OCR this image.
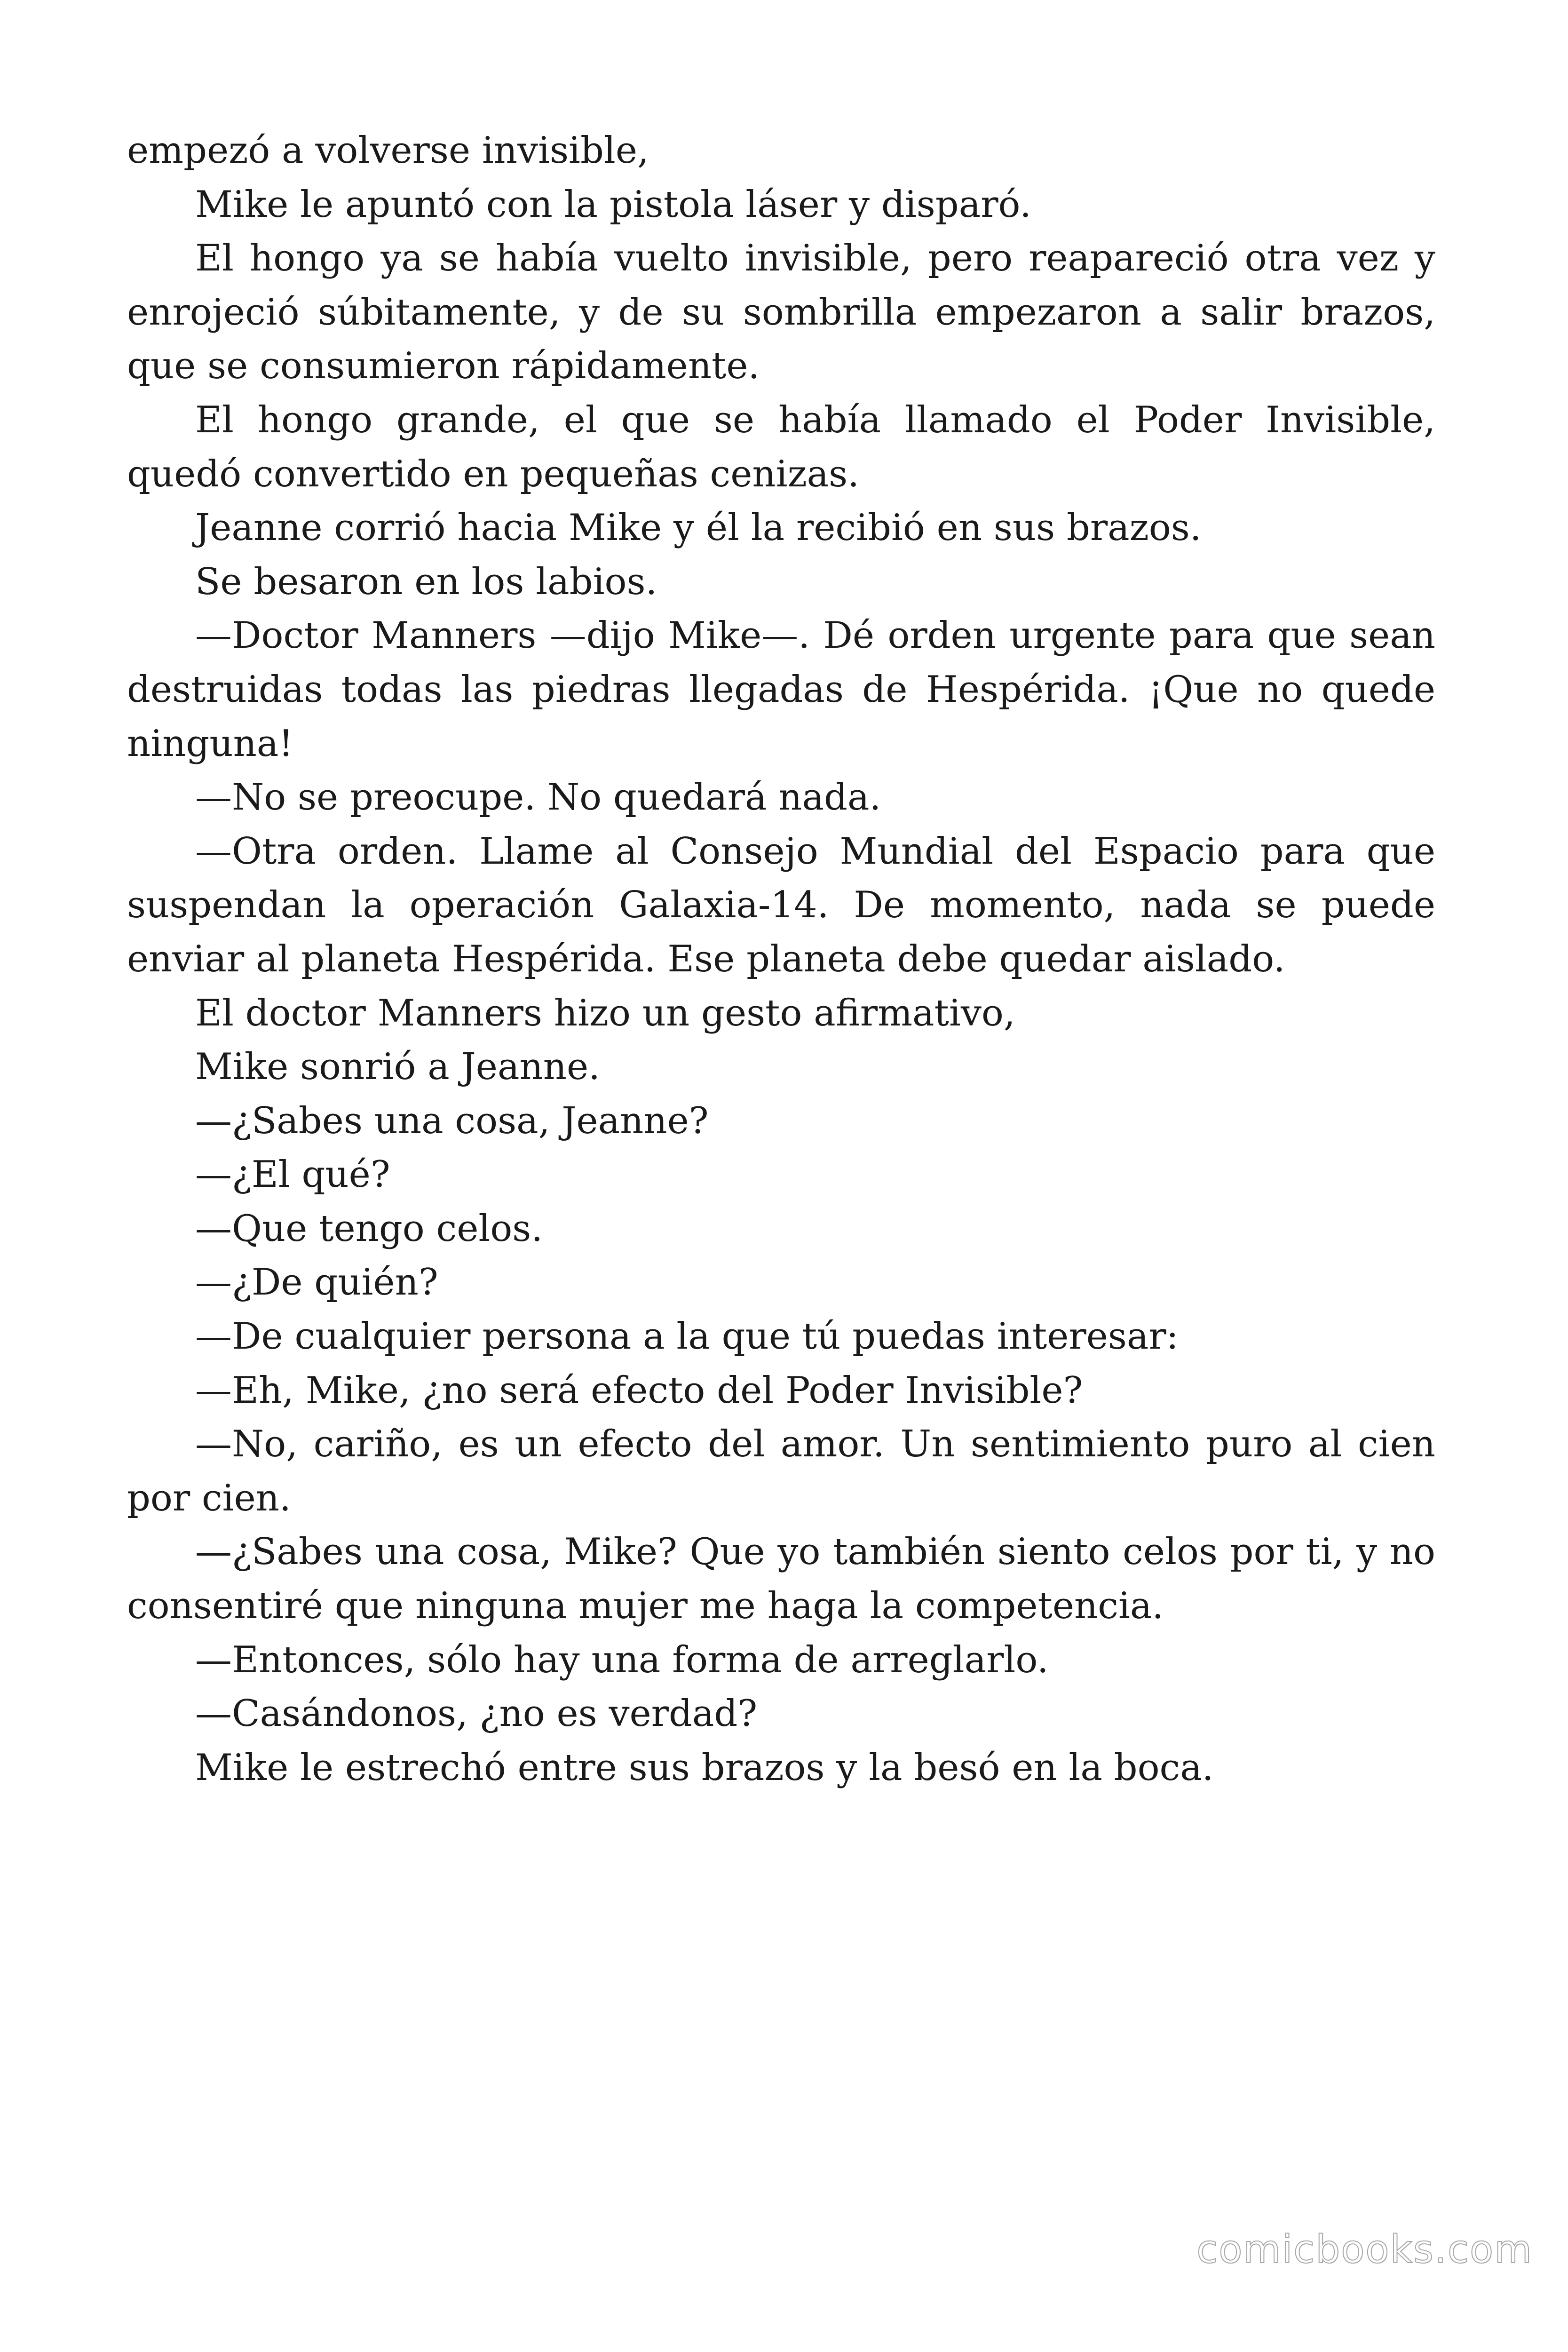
empezó a volverse invisible,

Mike le apuntó con la pistola láser y disparó.

El hongo ya se había vuelto invisible, pero reapareció otra vez y enrojeció súbitamente, y de su sombrilla empezaron a salir brazos, que se consumieron rápidamente.

El hongo grande, el que se había llamado el Poder Invisible, quedó convertido en pequeñas cenizas.

Jeanne corrió hacia Mike y él la recibió en sus brazos.

Se besaron en los labios.

—Doctor Manners —dijo Mike—. Dé orden urgente para que sean destruidas todas las piedras llegadas de Hespérida. ¡Que no quede ninguna!

—No se preocupe. No quedará nada.

—Otra orden. Llame al Consejo Mundial del Espacio para que suspendan la operación Galaxia-14. De momento, nada se puede enviar al planeta Hespérida. Ese planeta debe quedar aislado.

El doctor Manners hizo un gesto afirmativo,

Mike sonrió a Jeanne.

—¿Sabes una cosa, Jeanne?

—¿El qué?

—Que tengo celos.

—¿De quién?

—De cualquier persona a la que tú puedas interesar:

—Eh, Mike, ¿no será efecto del Poder Invisible?

—No, cariño, es un efecto del amor. Un sentimiento puro al cien por cien.

—¿Sabes una cosa, Mike? Que yo también siento celos por ti, y no consentiré que ninguna mujer me haga la competencia.

—Entonces, sólo hay una forma de arreglarlo.

—Casándonos, ¿no es verdad?

Mike le estrechó entre sus brazos y la besó en la boca.

comicbooks.com
